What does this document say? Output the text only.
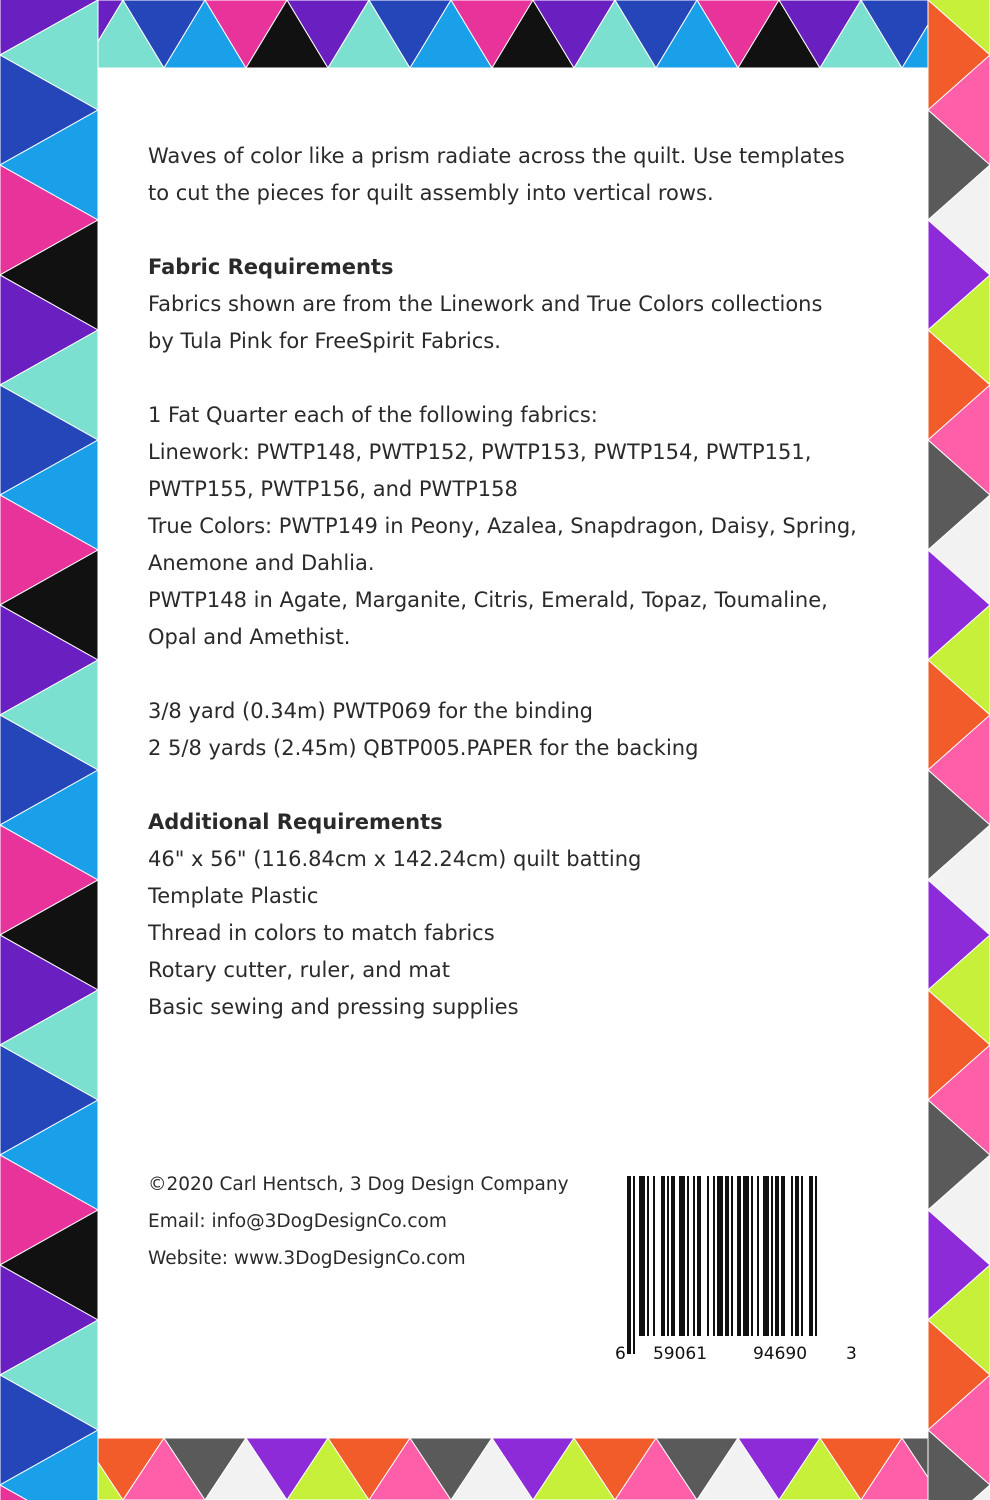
Waves of color like a prism radiate across the quilt. Use templates
to cut the pieces for quilt assembly into vertical rows.

Fabric Requirements

Fabrics shown are from the Linework and True Colors collections
by Tula Pink for FreeSpirit Fabrics.

1 Fat Quarter each of the following fabrics:

Linework: PWTP148, PWTP152, PWTP153, PWTP154, PWTP151,
PWTP155, PWTP156, and PWTP158

True Colors: PWTP149 in Peony, Azalea, Snapdragon, Daisy, Spring,
Anemone and Dahlia.

PWTP148 in Agate, Marganite, Citris, Emerald, Topaz, Toumaline,
Opal and Amethist.

3/8 yard (0.34m) PWTP069 for the binding

2 5/8 yards (2.45m) QBTP005.PAPER for the backing

Additional Requirements

46" x 56" (116.84cm x 142.24cm) quilt batting

Template Plastic

Thread in colors to match fabrics

Rotary cutter, ruler, and mat

Basic sewing and pressing supplies

©2020 Carl Hentsch, 3 Dog Design Company

Email: info@3DogDesignCo.com

Website: www.3DogDesignCo.com

6 59061	94690 3
